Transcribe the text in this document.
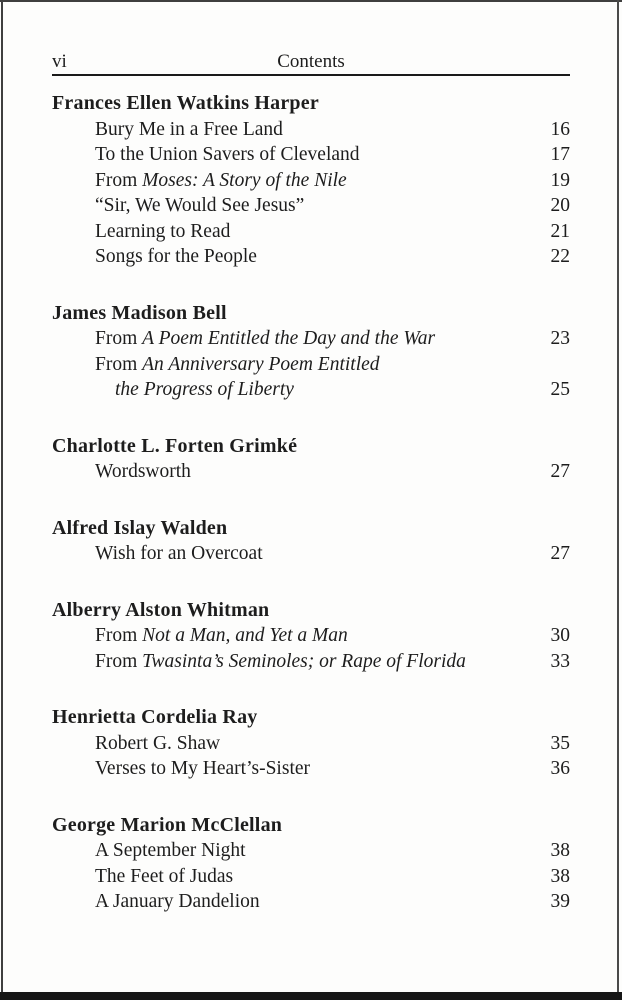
vi	Contents
Frances Ellen Watkins Harper
Bury Me in a Free Land	16
To the Union Savers of Cleveland	17
From Moses: A Story of the Nile	19
“Sir, We Would See Jesus”	20
Learning to Read	21
Songs for the People	22
James Madison Bell
From A Poem Entitled the Day and the War	23
From An Anniversary Poem Entitled
the Progress of Liberty	25
Charlotte L. Forten Grimké
Wordsworth	27
Alfred Islay Walden
Wish for an Overcoat	27
Alberry Alston Whitman
From Not a Man, and Yet a Man	30
From Twasinta’s Seminoles; or Rape of Florida	33
Henrietta Cordelia Ray
Robert G. Shaw	35
Verses to My Heart’s-Sister	36
George Marion McClellan
A September Night	38
The Feet of Judas	38
A January Dandelion	39
